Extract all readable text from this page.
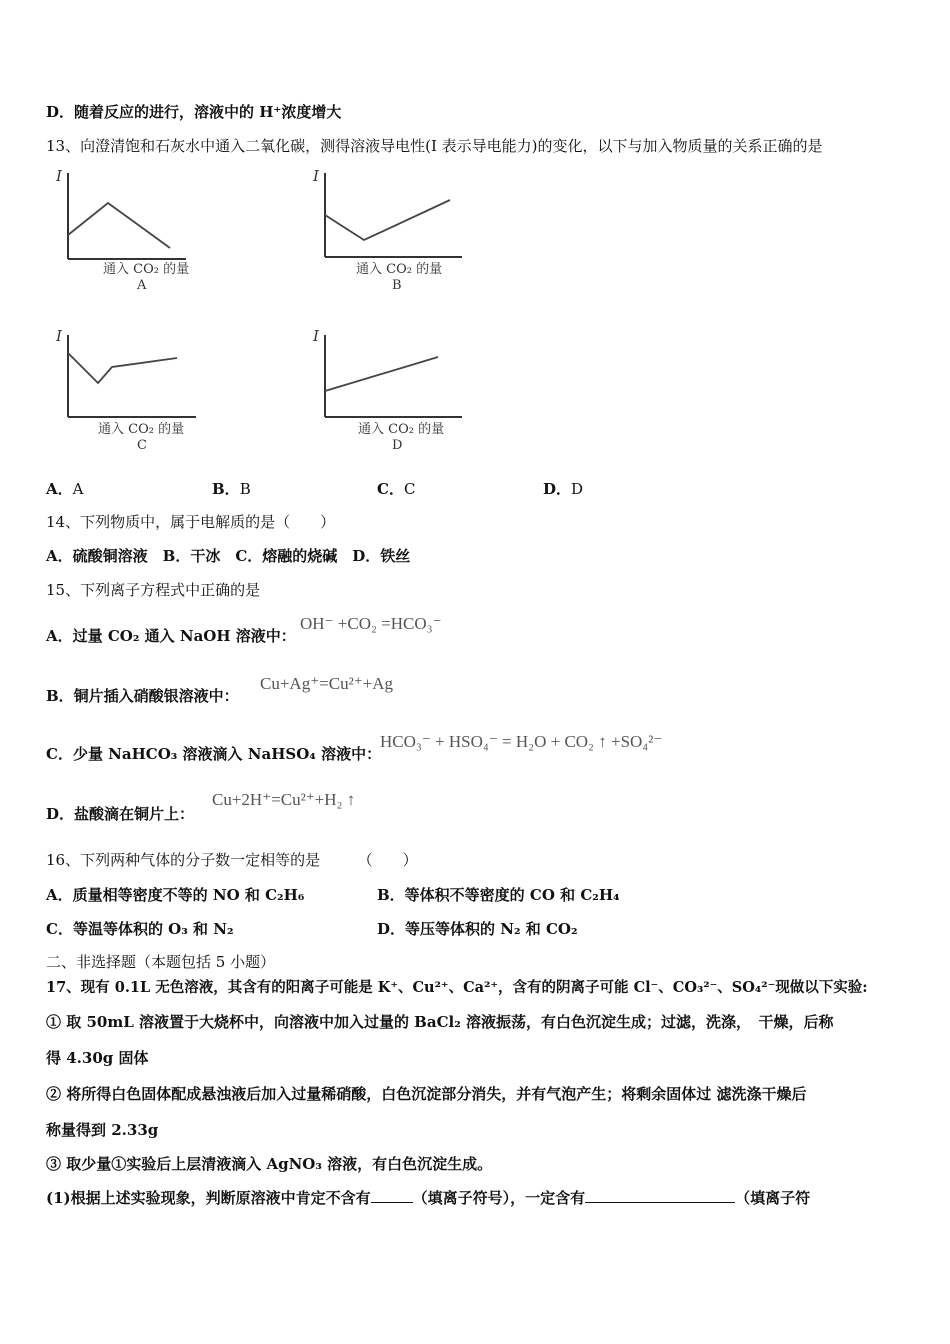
D．随着反应的进行，溶液中的 H⁺浓度增大
13、向澄清饱和石灰水中通入二氧化碳，测得溶液导电性(I 表示导电能力)的变化，以下与加入物质量的关系正确的是
I
通入 CO₂ 的量
A
I
通入 CO₂ 的量
B
I
通入 CO₂ 的量
C
I
通入 CO₂ 的量
D
A．A	B．B	C．C	D．D
14、下列物质中，属于电解质的是（　　）
A．硫酸铜溶液　B．干冰　C．熔融的烧碱　D．铁丝
15、下列离子方程式中正确的是
A．过量 CO₂ 通入 NaOH 溶液中：
OH⁻ +CO₂ =HCO₃⁻
B．铜片插入硝酸银溶液中：
Cu+Ag⁺=Cu²⁺+Ag
C．少量 NaHCO₃ 溶液滴入 NaHSO₄ 溶液中：
HCO₃⁻ + HSO₄⁻ = H₂O + CO₂ ↑ +SO₄²⁻
D．盐酸滴在铜片上：
Cu+2H⁺=Cu²⁺+H₂ ↑
16、下列两种气体的分子数一定相等的是　　　（　　）
A．质量相等密度不等的 NO 和 C₂H₆	B．等体积不等密度的 CO 和 C₂H₄
C．等温等体积的 O₃ 和 N₂	D．等压等体积的 N₂ 和 CO₂
二、非选择题（本题包括 5 小题）
17、现有 0.1L 无色溶液，其含有的阳离子可能是 K⁺、Cu²⁺、Ca²⁺，含有的阴离子可能 Cl⁻、CO₃²⁻、SO₄²⁻现做以下实验:
① 取 50mL 溶液置于大烧杯中，向溶液中加入过量的 BaCl₂ 溶液振荡，有白色沉淀生成；过滤，洗涤，　干燥，后称
得 4.30g 固体
② 将所得白色固体配成悬浊液后加入过量稀硝酸，白色沉淀部分消失，并有气泡产生；将剩余固体过 滤洗涤干燥后
称量得到 2.33g
③ 取少量①实验后上层清液滴入 AgNO₃ 溶液，有白色沉淀生成。
(1)根据上述实验现象，判断原溶液中肯定不含有	（填离子符号），一定含有	（填离子符
